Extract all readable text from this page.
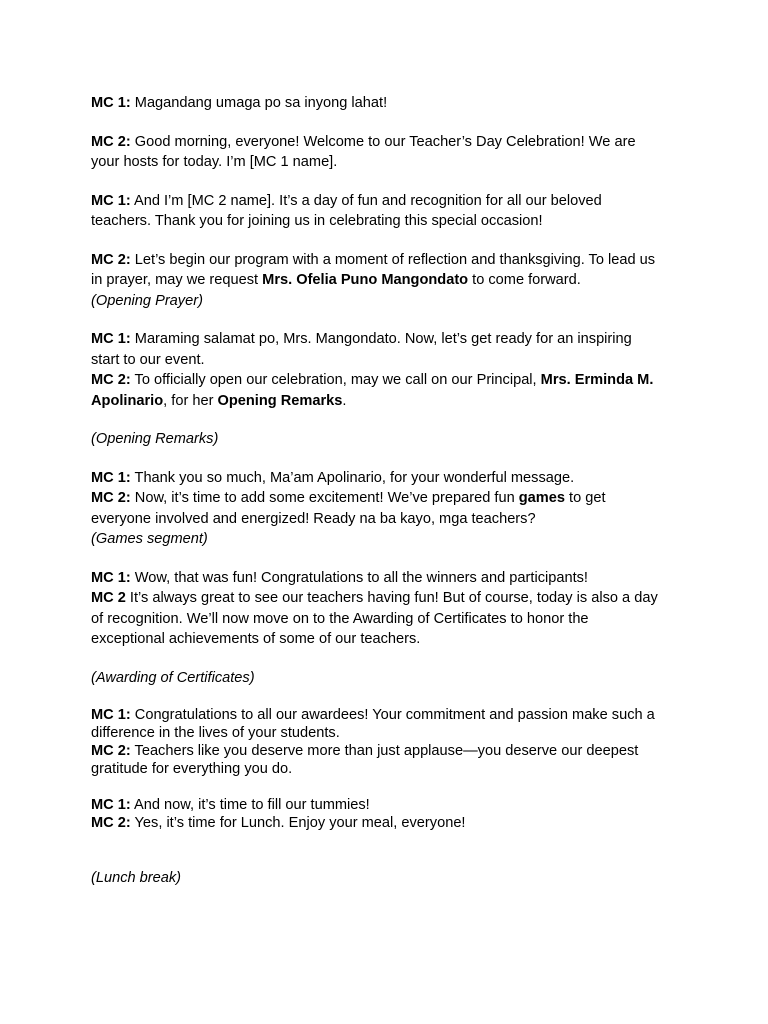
MC 1: Magandang umaga po sa inyong lahat!
MC 2: Good morning, everyone! Welcome to our Teacher’s Day Celebration! We are
your hosts for today. I’m [MC 1 name].
MC 1: And I’m [MC 2 name]. It’s a day of fun and recognition for all our beloved
teachers. Thank you for joining us in celebrating this special occasion!
MC 2: Let’s begin our program with a moment of reflection and thanksgiving. To lead us
in prayer, may we request Mrs. Ofelia Puno Mangondato to come forward.
(Opening Prayer)
MC 1: Maraming salamat po, Mrs. Mangondato. Now, let’s get ready for an inspiring
start to our event.
MC 2: To officially open our celebration, may we call on our Principal, Mrs. Erminda M.
Apolinario, for her Opening Remarks.
(Opening Remarks)
MC 1: Thank you so much, Ma’am Apolinario, for your wonderful message.
MC 2: Now, it’s time to add some excitement! We’ve prepared fun games to get
everyone involved and energized! Ready na ba kayo, mga teachers?
(Games segment)
MC 1: Wow, that was fun! Congratulations to all the winners and participants!
MC 2 It’s always great to see our teachers having fun! But of course, today is also a day
of recognition. We’ll now move on to the Awarding of Certificates to honor the
exceptional achievements of some of our teachers.
(Awarding of Certificates)
MC 1: Congratulations to all our awardees! Your commitment and passion make such a
difference in the lives of your students.
MC 2: Teachers like you deserve more than just applause—you deserve our deepest
gratitude for everything you do.
MC 1: And now, it’s time to fill our tummies!
MC 2: Yes, it’s time for Lunch. Enjoy your meal, everyone!
(Lunch break)
